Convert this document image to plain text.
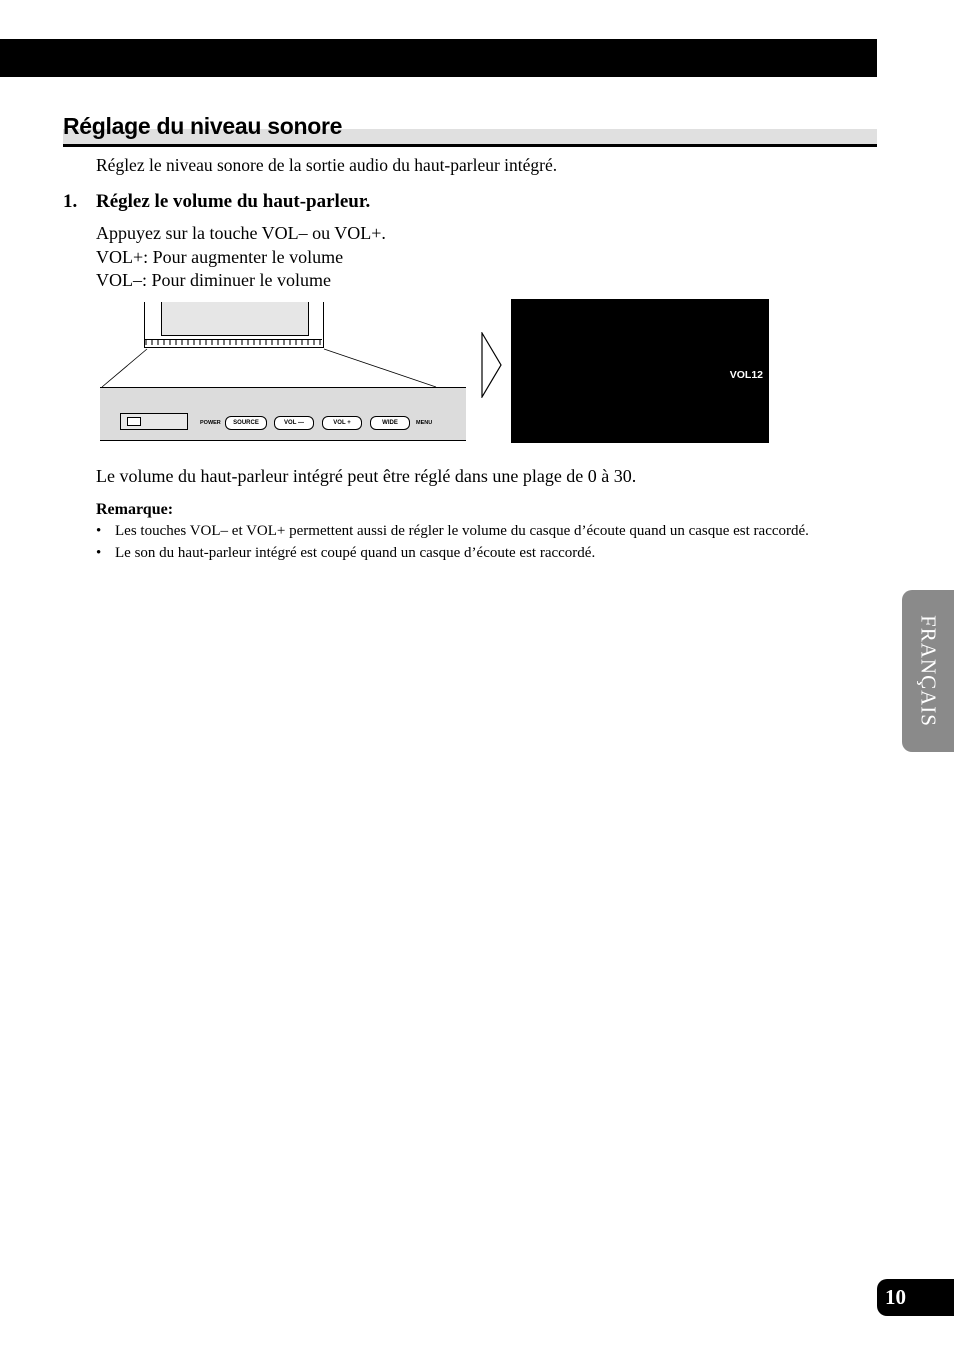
Réglage du niveau sonore

Réglez le niveau sonore de la sortie audio du haut-parleur intégré.

1. Réglez le volume du haut-parleur.
Appuyez sur la touche VOL– ou VOL+.
VOL+: Pour augmenter le volume
VOL–: Pour diminuer le volume
POWER	SOURCE	VOL —	VOL +	WIDE	MENU
VOL12

Le volume du haut-parleur intégré peut être réglé dans une plage de 0 à 30.

Remarque:

• Les touches VOL– et VOL+ permettent aussi de régler le volume du casque d’écoute quand un casque est raccordé.
• Le son du haut-parleur intégré est coupé quand un casque d’écoute est raccordé.
FRANÇAIS
10
